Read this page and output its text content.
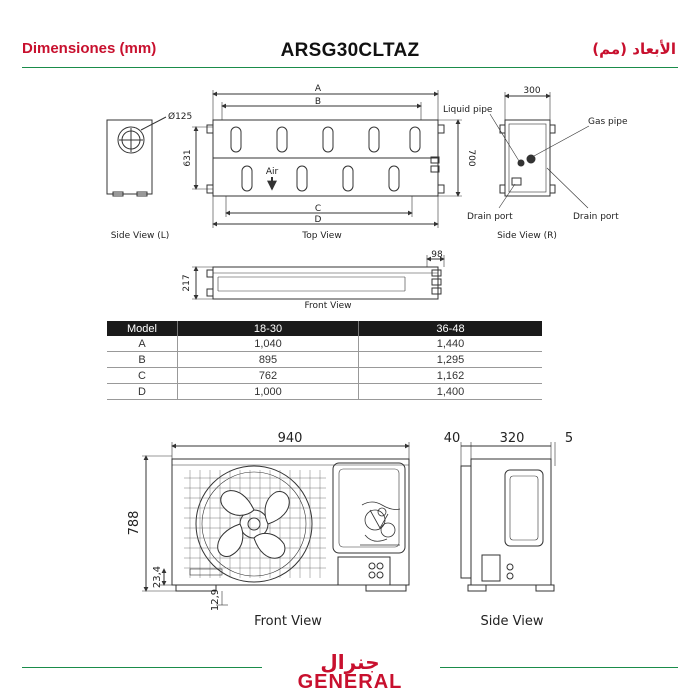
Dimensiones (mm)	ARSG30CLTAZ	الأبعاد (مم)
A
B
C
D
Ø125
631	700
Air
300
Liquid pipe
Gas pipe
Drain port	Drain port
Side View (L)	Top View	Side View (R)
217
98
Front View
940
788
40	320	5
Front View	Side View
23,4
12,9
Model	18-30	36-48
A	1,040	1,440
B	895	1,295
C	762	1,162
D	1,000	1,400
جنرال
GENERAL
